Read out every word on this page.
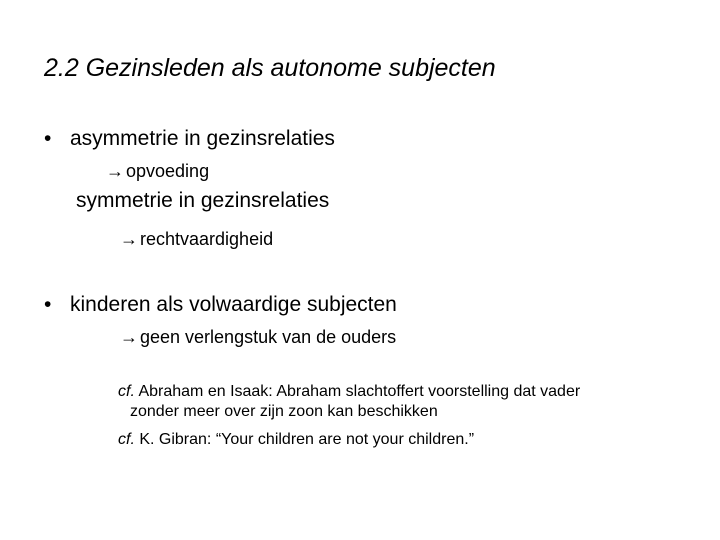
2.2 Gezinsleden als autonome subjecten
• asymmetrie in gezinsrelaties
→ opvoeding
symmetrie in gezinsrelaties
→ rechtvaardigheid
• kinderen als volwaardige subjecten
→ geen verlengstuk van de ouders
cf. Abraham en Isaak: Abraham slachtoffert voorstelling dat vader
zonder meer over zijn zoon kan beschikken
cf. K. Gibran: “Your children are not your children.”
